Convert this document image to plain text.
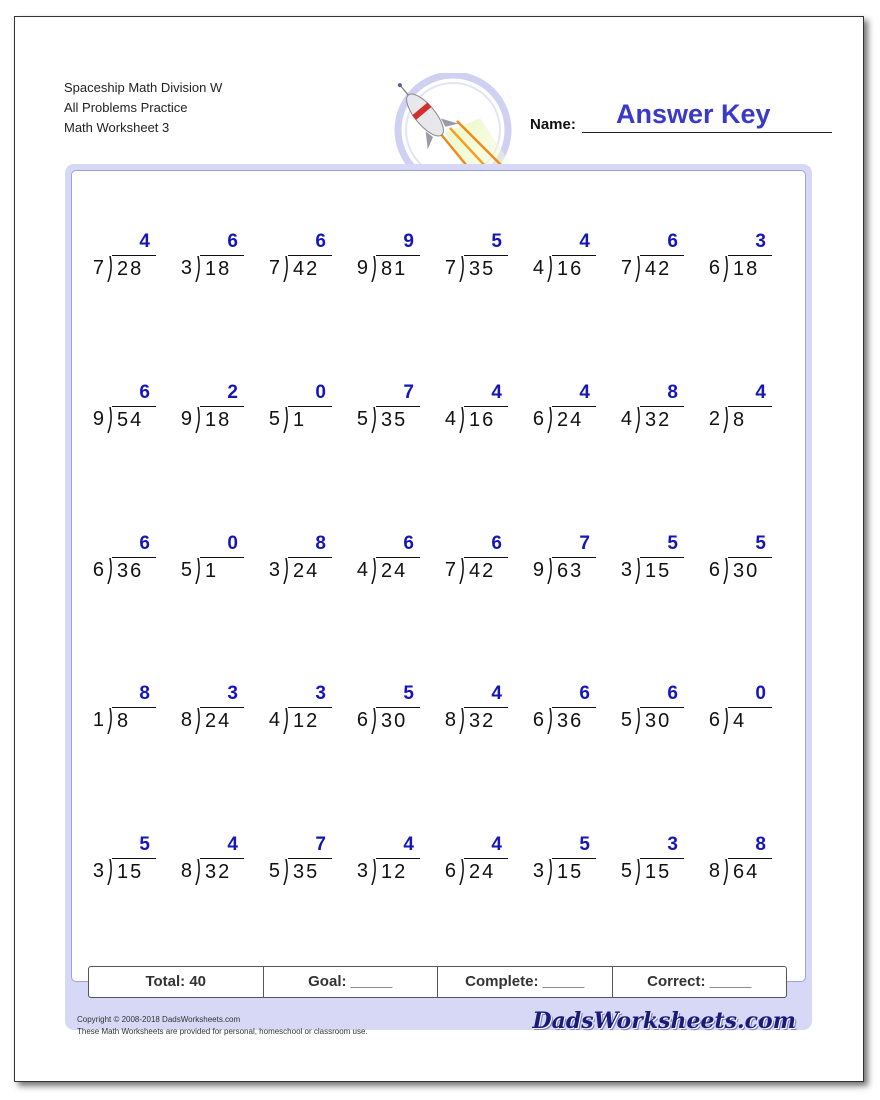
Spaceship Math Division W
All Problems Practice
Math Worksheet 3	Name: Answer Key
4
7 28
6
3 18
6
7 42
9
9 81
5
7 35
4
4 16
6
7 42
3
6 18
6
9 54
2
9 18
0
5 1
7
5 35
4
4 16
4
6 24
8
4 32
4
2 8
6
6 36
0
5 1
8
3 24
6
4 24
6
7 42
7
9 63
5
3 15
5
6 30
8
1 8
3
8 24
3
4 12
5
6 30
4
8 32
6
6 36
6
5 30
0
6 4
5
3 15
4
8 32
7
5 35
4
3 12
4
6 24
5
3 15
3
5 15
8
8 64
Total: 40	Goal: _____	Complete: _____	Correct: _____
Copyright © 2008-2018 DadsWorksheets.com
These Math Worksheets are provided for personal, homeschool or classroom use.	DadsWorksheets.com
